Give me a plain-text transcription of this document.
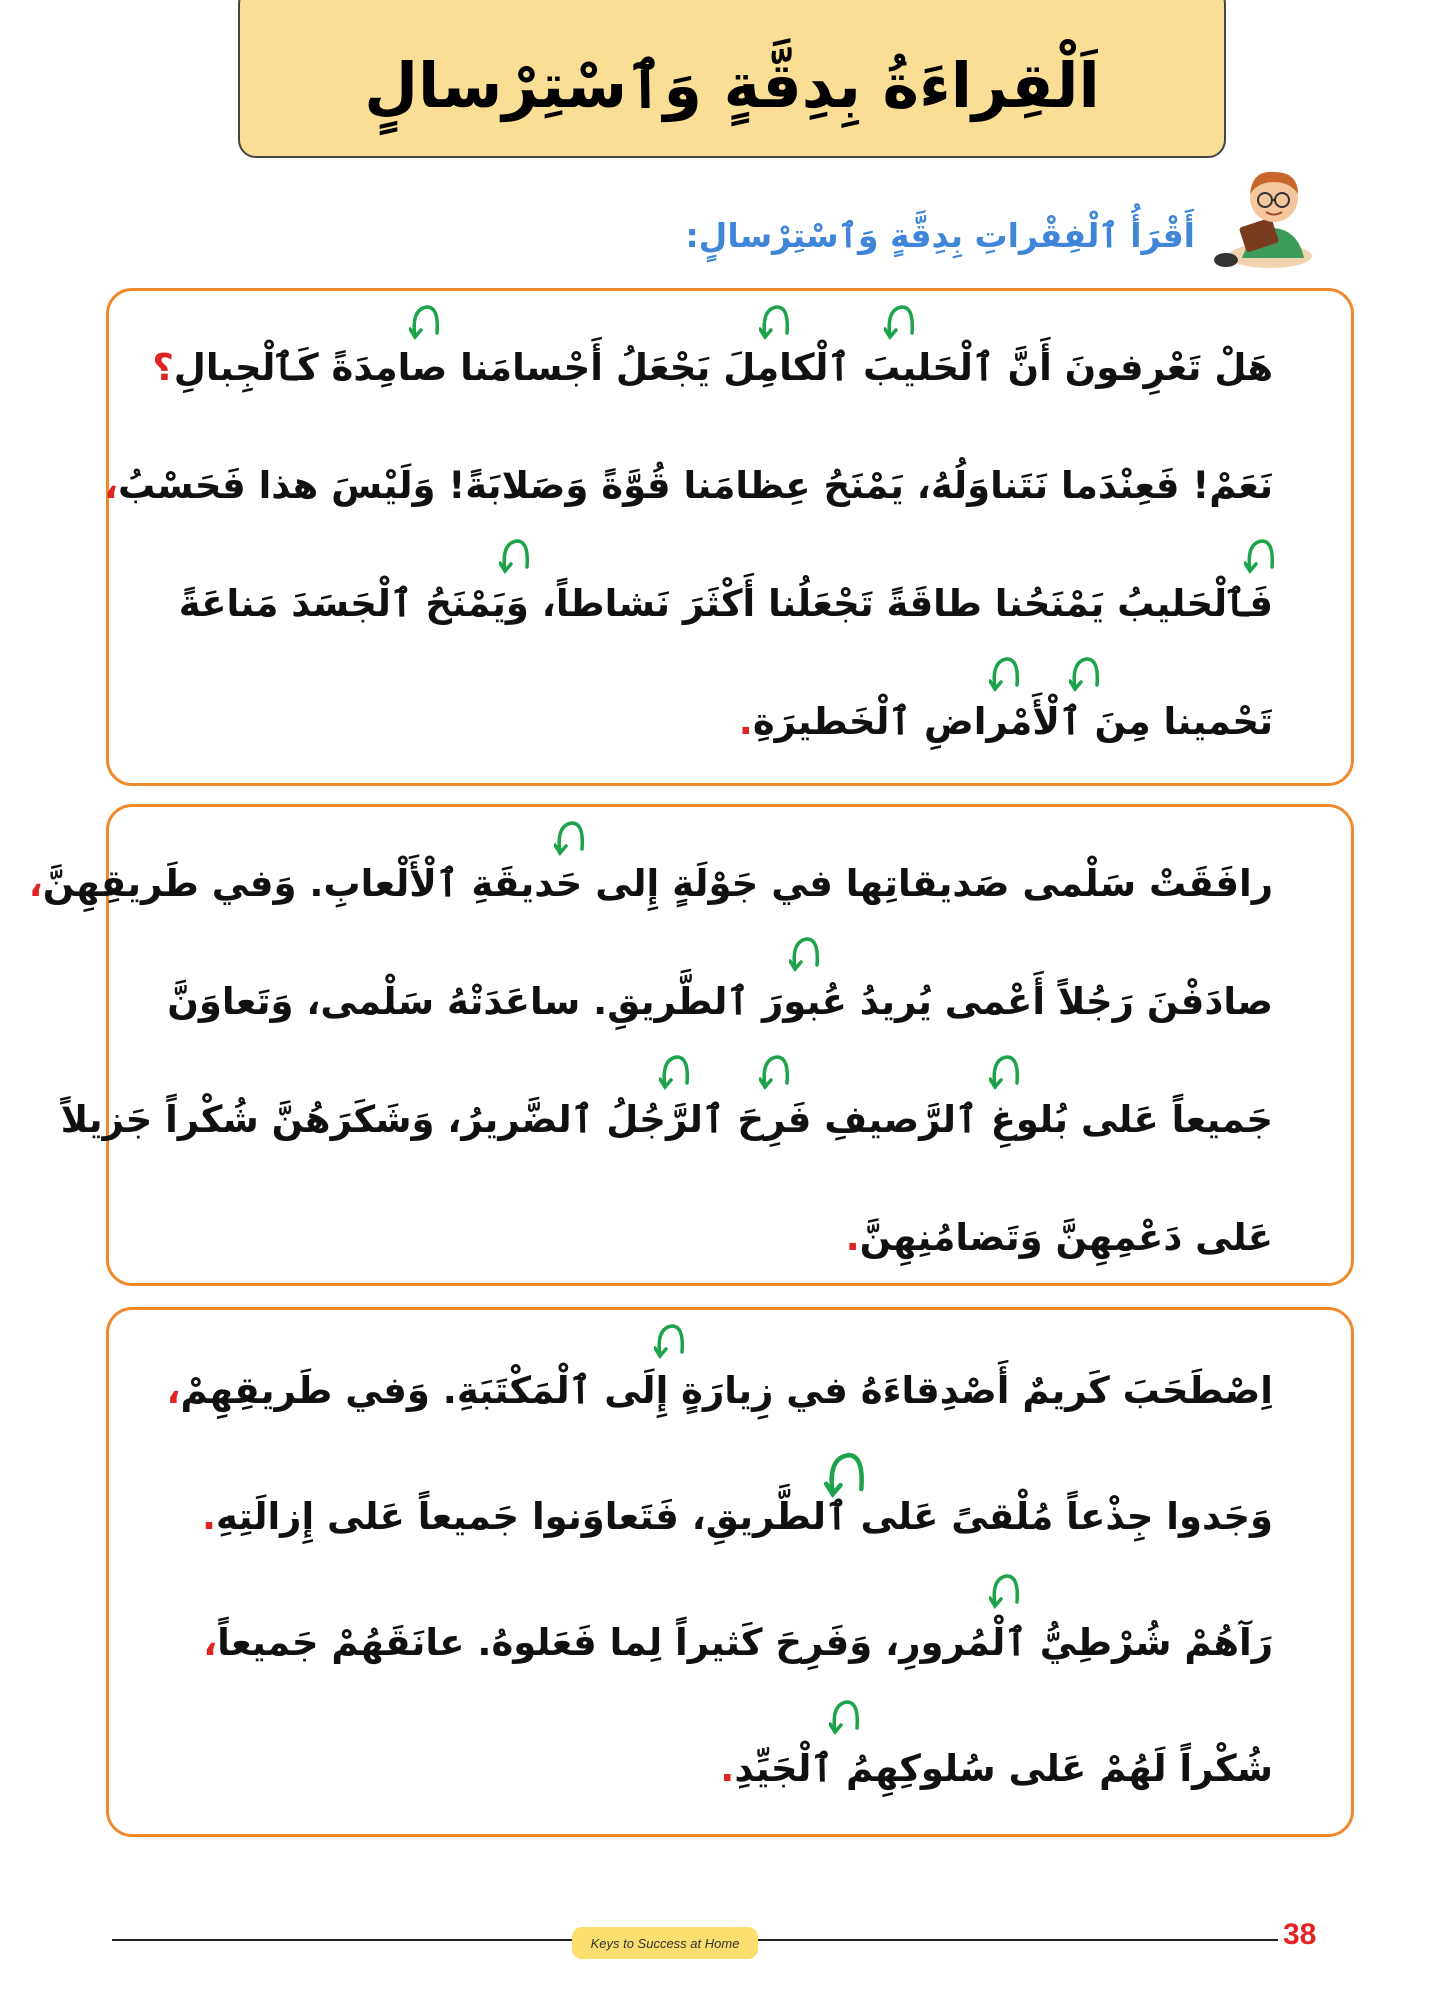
اَلْقِراءَةُ بِدِقَّةٍ وَٱسْتِرْسالٍ
أَقْرَأُ ٱلْفِقْراتِ بِدِقَّةٍ وَٱسْتِرْسالٍ:
هَلْ تَعْرِفونَ أَنَّ ٱلْحَليبَ ٱلْكامِلَ يَجْعَلُ أَجْسامَنا صامِدَةً كَٱلْجِبالِ؟
نَعَمْ! فَعِنْدَما نَتَناوَلُهُ، يَمْنَحُ عِظامَنا قُوَّةً وَصَلابَةً! وَلَيْسَ هذا فَحَسْبُ،
فَٱلْحَليبُ يَمْنَحُنا طاقَةً تَجْعَلُنا أَكْثَرَ نَشاطاً، وَيَمْنَحُ ٱلْجَسَدَ مَناعَةً
تَحْمينا مِنَ ٱلْأَمْراضِ ٱلْخَطيرَةِ.
رافَقَتْ سَلْمى صَديقاتِها في جَوْلَةٍ إِلى حَديقَةِ ٱلْأَلْعابِ. وَفي طَريقِهِنَّ،
صادَفْنَ رَجُلاً أَعْمى يُريدُ عُبورَ ٱلطَّريقِ. ساعَدَتْهُ سَلْمى، وَتَعاوَنَّ
جَميعاً عَلى بُلوغِ ٱلرَّصيفِ فَرِحَ ٱلرَّجُلُ ٱلضَّريرُ، وَشَكَرَهُنَّ شُكْراً جَزيلاً
عَلى دَعْمِهِنَّ وَتَضامُنِهِنَّ.
اِصْطَحَبَ كَريمٌ أَصْدِقاءَهُ في زِيارَةٍ إِلَى ٱلْمَكْتَبَةِ. وَفي طَريقِهِمْ،
وَجَدوا جِذْعاً مُلْقىً عَلى ٱلطَّريقِ، فَتَعاوَنوا جَميعاً عَلى إِزالَتِهِ.
رَآهُمْ شُرْطِيُّ ٱلْمُرورِ، وَفَرِحَ كَثيراً لِما فَعَلوهُ. عانَقَهُمْ جَميعاً،
شُكْراً لَهُمْ عَلى سُلوكِهِمُ ٱلْجَيِّدِ.
Keys to Success at Home	38
